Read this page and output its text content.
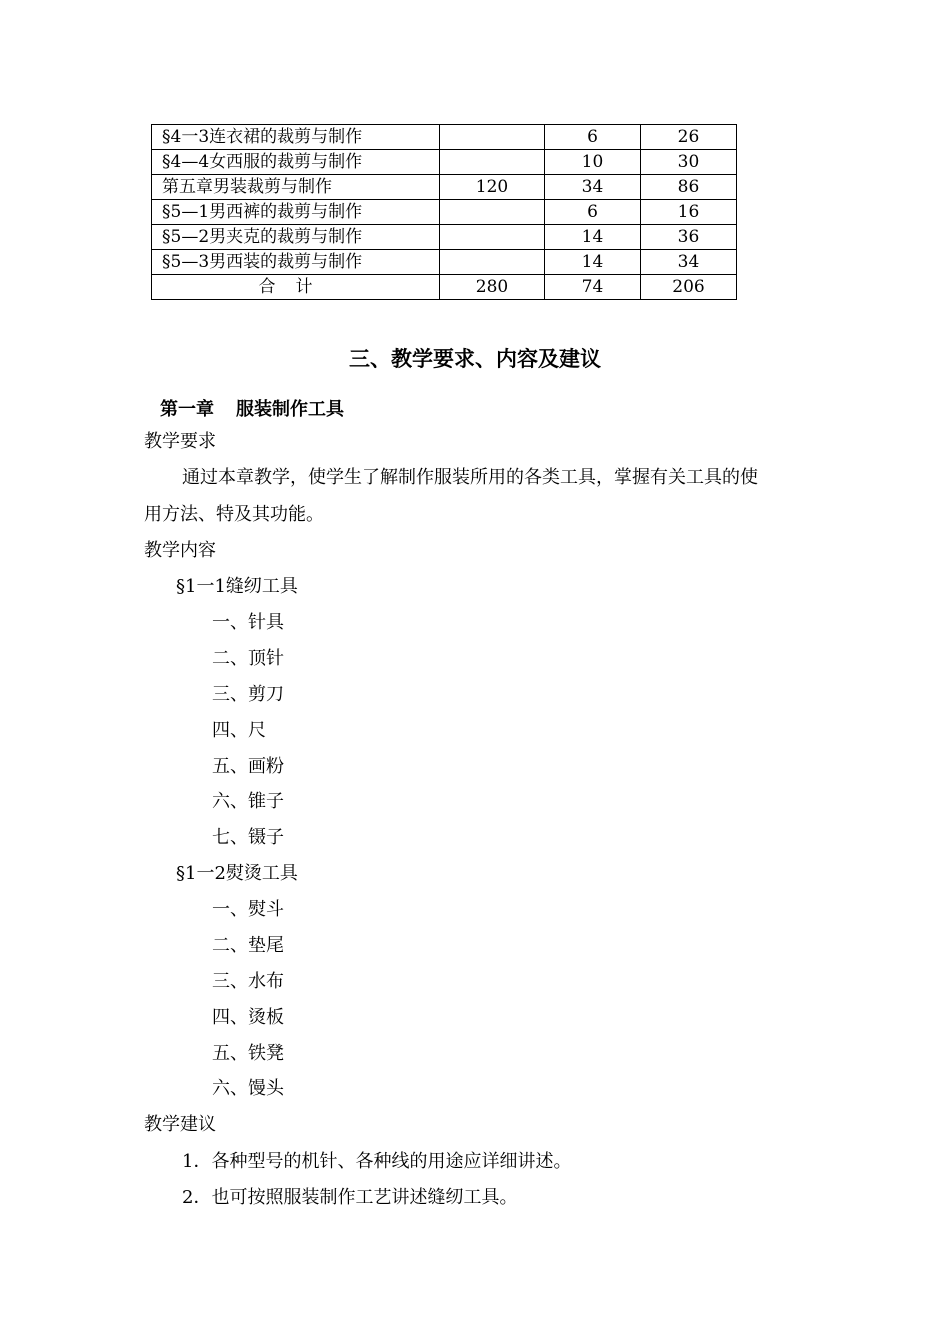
§4一3连衣裙的裁剪与制作		6	26
§4—4女西服的裁剪与制作		10	30
第五章男装裁剪与制作	120	34	86
§5—1男西裤的裁剪与制作		6	16
§5—2男夹克的裁剪与制作		14	36
§5—3男西装的裁剪与制作		14	34
合计	280	74	206
三、教学要求、内容及建议
第一章 服装制作工具
教学要求
通过本章教学，使学生了解制作服装所用的各类工具，掌握有关工具的使
用方法、特及其功能。
教学内容
§1一1缝纫工具
一、针具
二、顶针
三、剪刀
四、尺
五、画粉
六、锥子
七、镊子
§1一2熨烫工具
一、熨斗
二、垫尾
三、水布
四、烫板
五、铁凳
六、馒头
教学建议
1．各种型号的机针、各种线的用途应详细讲述。
2．也可按照服装制作工艺讲述缝纫工具。
